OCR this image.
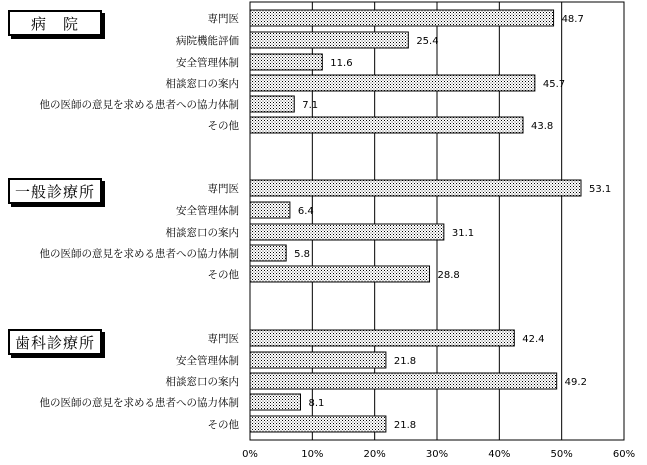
0%	10%	20%	30%	40%	50%	60%
専門医	48.7
病院機能評価	25.4
安全管理体制	11.6
相談窓口の案内	45.7
他の医師の意見を求める患者への協力体制	7.1
その他	43.8
専門医	53.1
安全管理体制	6.4
相談窓口の案内	31.1
他の医師の意見を求める患者への協力体制	5.8
その他	28.8
専門医	42.4
安全管理体制	21.8
相談窓口の案内	49.2
他の医師の意見を求める患者への協力体制	8.1
その他	21.8
病　院
一般診療所
歯科診療所
